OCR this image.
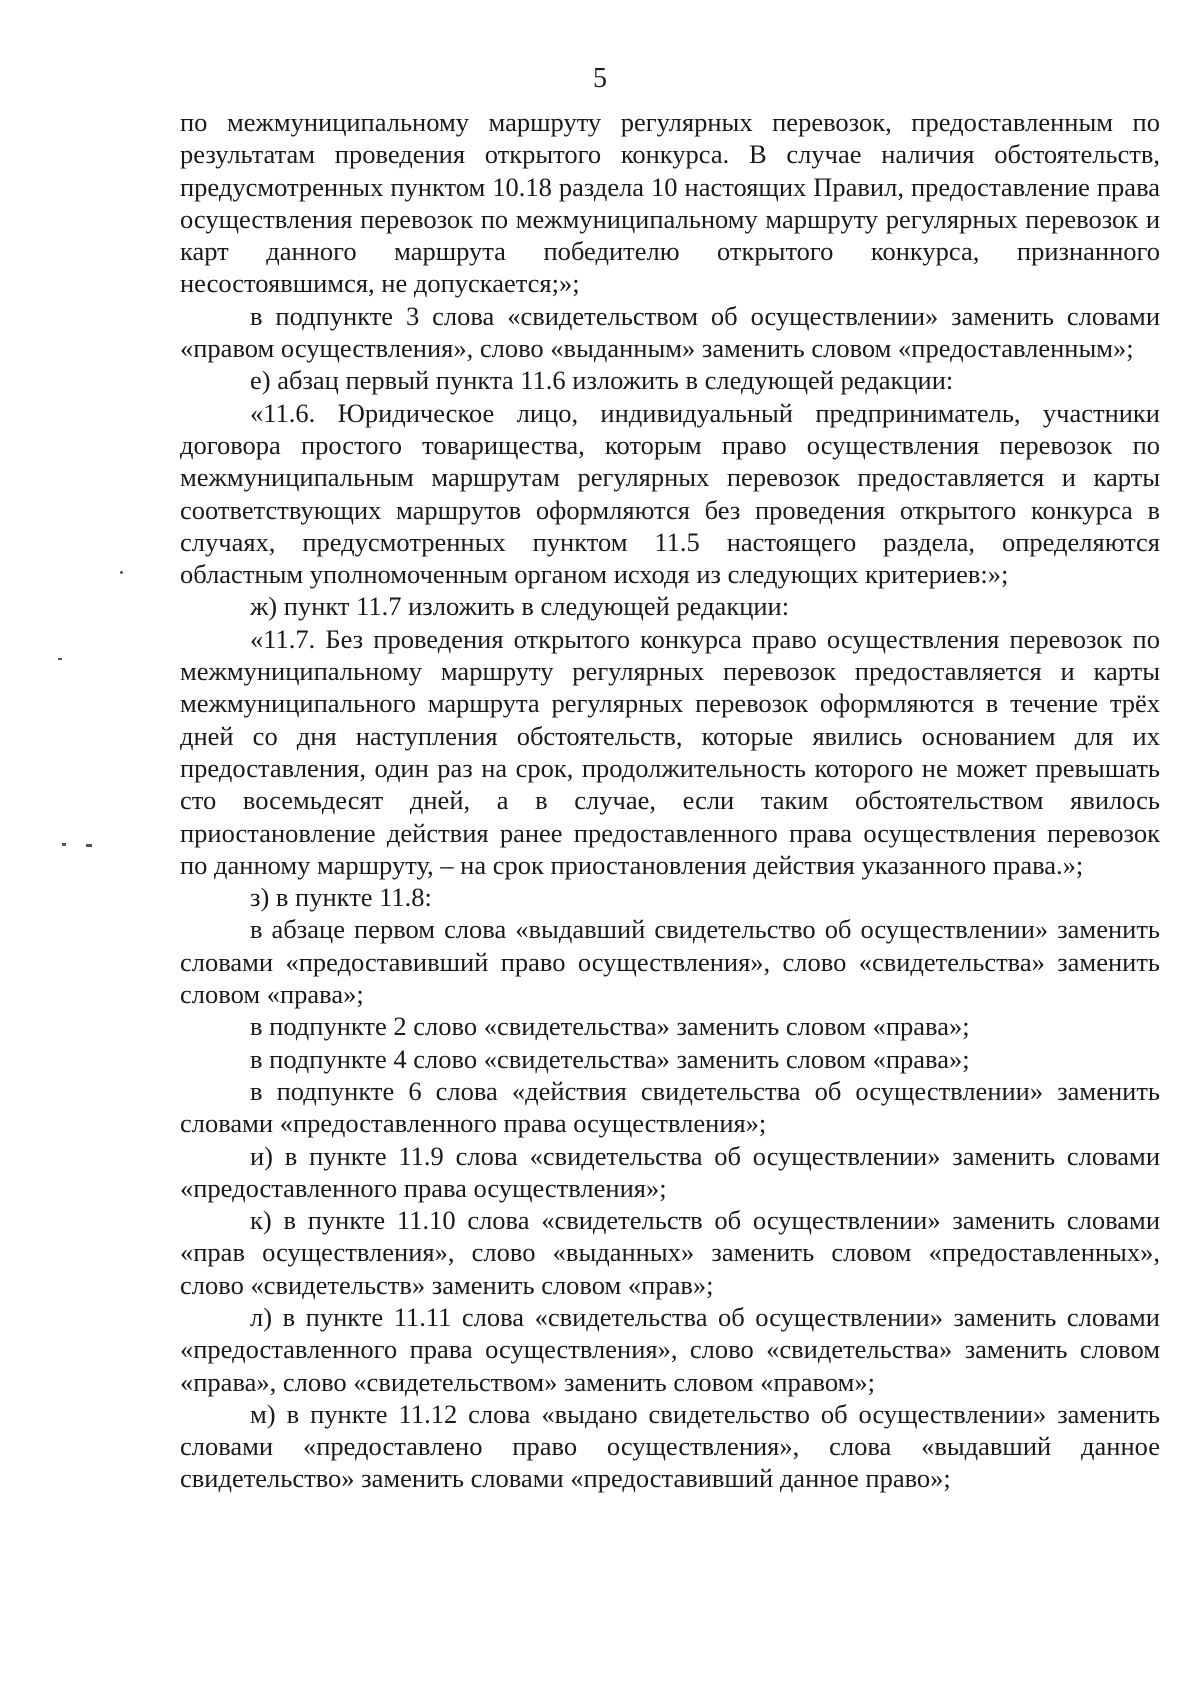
5

по межмуниципальному маршруту регулярных перевозок, предоставленным по результатам проведения открытого конкурса. В случае наличия обстоятельств, предусмотренных пунктом 10.18 раздела 10 настоящих Правил, предоставление права осуществления перевозок по межмуниципальному маршруту регулярных перевозок и карт данного маршрута победителю открытого конкурса, признанного несостоявшимся, не допускается;»;

в подпункте 3 слова «свидетельством об осуществлении» заменить словами «правом осуществления», слово «выданным» заменить словом «предоставленным»;

е) абзац первый пункта 11.6 изложить в следующей редакции:

«11.6. Юридическое лицо, индивидуальный предприниматель, участники договора простого товарищества, которым право осуществления перевозок по межмуниципальным маршрутам регулярных перевозок предоставляется и карты соответствующих маршрутов оформляются без проведения открытого конкурса в случаях, предусмотренных пунктом 11.5 настоящего раздела, определяются областным уполномоченным органом исходя из следующих критериев:»;

ж) пункт 11.7 изложить в следующей редакции:

«11.7. Без проведения открытого конкурса право осуществления перевозок по межмуниципальному маршруту регулярных перевозок предоставляется и карты межмуниципального маршрута регулярных перевозок оформляются в течение трёх дней со дня наступления обстоятельств, которые явились основанием для их предоставления, один раз на срок, продолжительность которого не может превышать сто восемьдесят дней, а в случае, если таким обстоятельством явилось приостановление действия ранее предоставленного права осуществления перевозок по данному маршруту, – на срок приостановления действия указанного права.»;

з) в пункте 11.8:

в абзаце первом слова «выдавший свидетельство об осуществлении» заменить словами «предоставивший право осуществления», слово «свидетельства» заменить словом «права»;

в подпункте 2 слово «свидетельства» заменить словом «права»;

в подпункте 4 слово «свидетельства» заменить словом «права»;

в подпункте 6 слова «действия свидетельства об осуществлении» заменить словами «предоставленного права осуществления»;

и) в пункте 11.9 слова «свидетельства об осуществлении» заменить словами «предоставленного права осуществления»;

к) в пункте 11.10 слова «свидетельств об осуществлении» заменить словами «прав осуществления», слово «выданных» заменить словом «предоставленных», слово «свидетельств» заменить словом «прав»;

л) в пункте 11.11 слова «свидетельства об осуществлении» заменить словами «предоставленного права осуществления», слово «свидетельства» заменить словом «права», слово «свидетельством» заменить словом «правом»;

м) в пункте 11.12 слова «выдано свидетельство об осуществлении» заменить словами «предоставлено право осуществления», слова «выдавший данное свидетельство» заменить словами «предоставивший данное право»;
